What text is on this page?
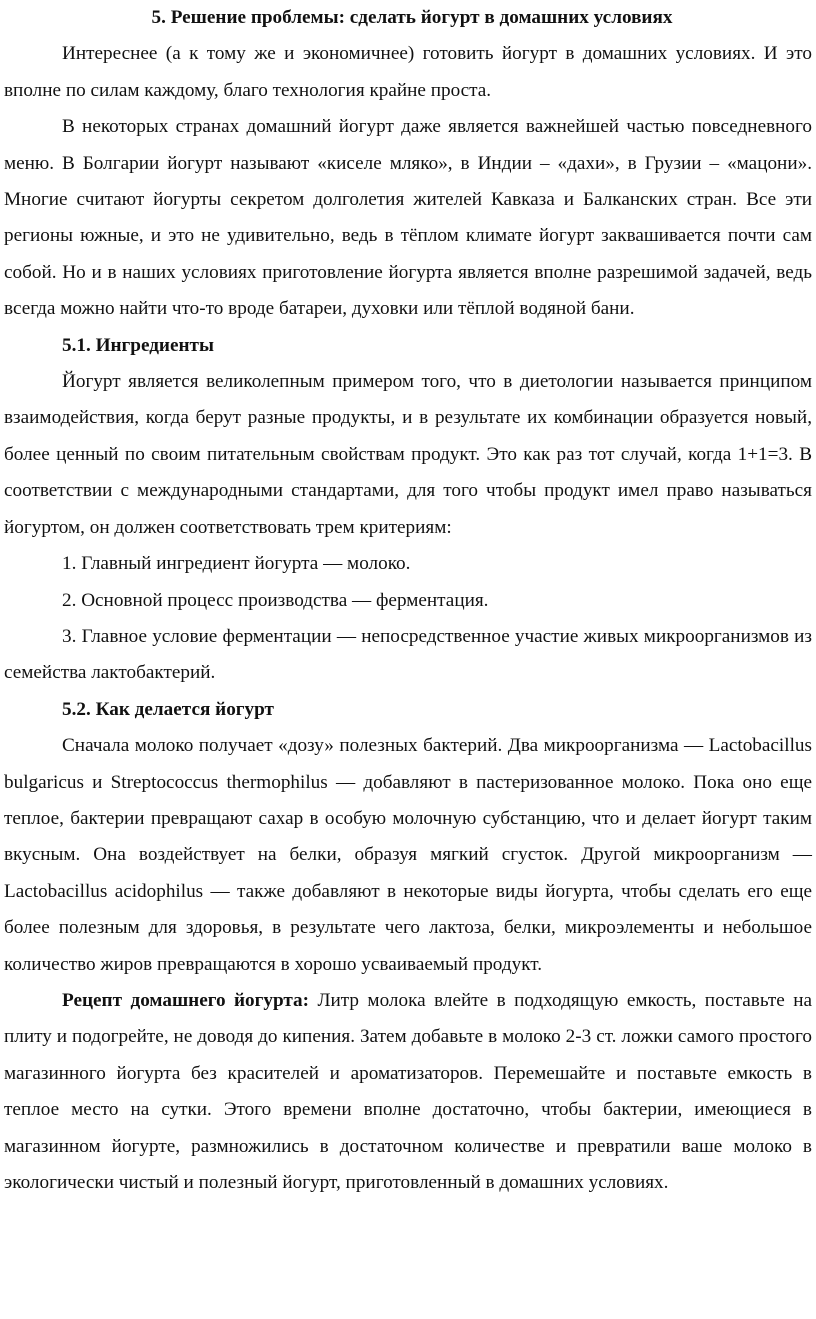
5. Решение проблемы: сделать йогурт в домашних условиях

Интереснее (а к тому же и экономичнее) готовить йогурт в домашних условиях. И это вполне по силам каждому, благо технология крайне проста.

В некоторых странах домашний йогурт даже является важнейшей частью повседневного меню. В Болгарии йогурт называют «киселе мляко», в Индии – «дахи», в Грузии – «мацони». Многие считают йогурты секретом долголетия жителей Кавказа и Балканских стран. Все эти регионы южные, и это не удивительно, ведь в тёплом климате йогурт заквашивается почти сам собой. Но и в наших условиях приготовление йогурта является вполне разрешимой задачей, ведь всегда можно найти что-то вроде батареи, духовки или тёплой водяной бани.

5.1. Ингредиенты

Йогурт является великолепным примером того, что в диетологии называется принципом взаимодействия, когда берут разные продукты, и в результате их комбинации образуется новый, более ценный по своим питательным свойствам продукт. Это как раз тот случай, когда 1+1=3. В соответствии с международными стандартами, для того чтобы продукт имел право называться йогуртом, он должен соответствовать трем критериям:

1. Главный ингредиент йогурта — молоко.

2. Основной процесс производства — ферментация.

3. Главное условие ферментации — непосредственное участие живых микроорганизмов из семейства лактобактерий.

5.2. Как делается йогурт

Сначала молоко получает «дозу» полезных бактерий. Два микроорганизма — Lactobacillus bulgaricus и Streptococcus thermophilus — добавляют в пастеризованное молоко. Пока оно еще теплое, бактерии превращают сахар в особую молочную субстанцию, что и делает йогурт таким вкусным. Она воздействует на белки, образуя мягкий сгусток. Другой микроорганизм — Lactobacillus acidophilus — также добавляют в некоторые виды йогурта, чтобы сделать его еще более полезным для здоровья, в результате чего лактоза, белки, микроэлементы и небольшое количество жиров превращаются в хорошо усваиваемый продукт.

Рецепт домашнего йогурта: Литр молока влейте в подходящую емкость, поставьте на плиту и подогрейте, не доводя до кипения. Затем добавьте в молоко 2-3 ст. ложки самого простого магазинного йогурта без красителей и ароматизаторов. Перемешайте и поставьте емкость в теплое место на сутки. Этого времени вполне достаточно, чтобы бактерии, имеющиеся в магазинном йогурте, размножились в достаточном количестве и превратили ваше молоко в экологически чистый и полезный йогурт, приготовленный в домашних условиях.
